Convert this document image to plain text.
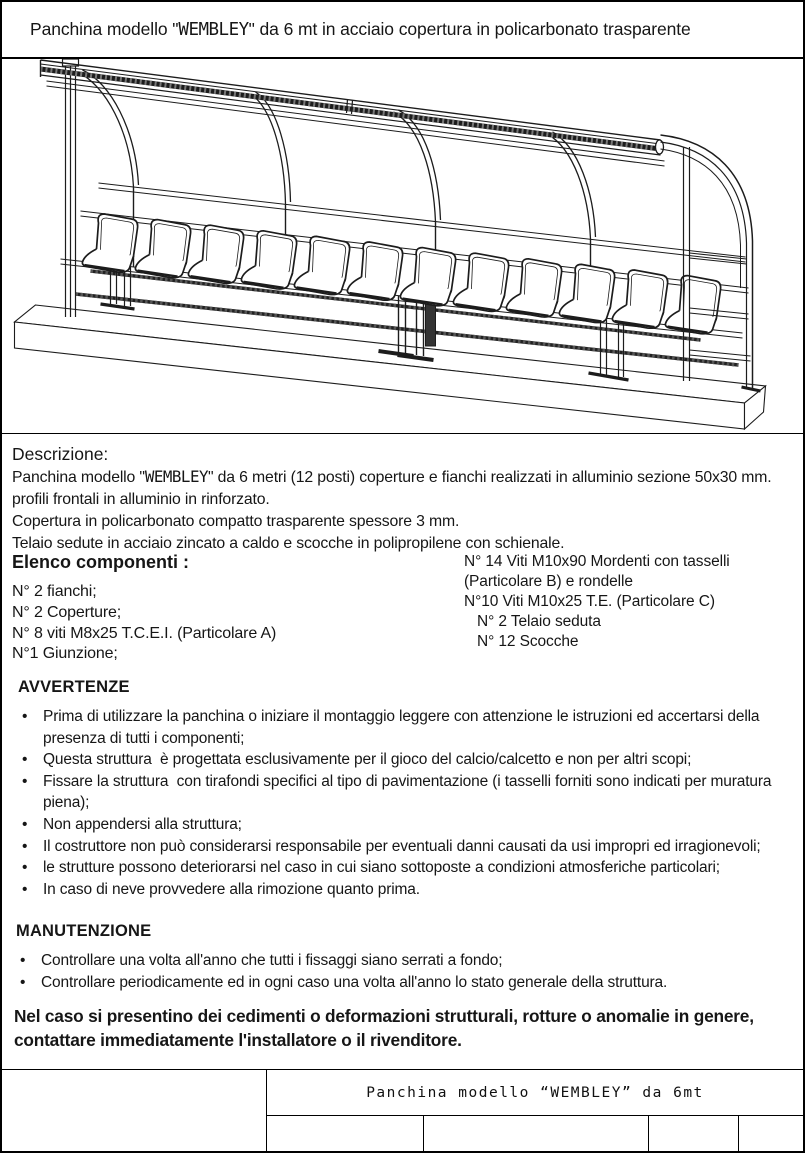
Panchina modello "WEMBLEY" da 6 mt in acciaio copertura in policarbonato trasparente
Descrizione:
Panchina modello "WEMBLEY" da 6 metri (12 posti) coperture e fianchi realizzati in alluminio sezione 50x30 mm.
profili frontali in alluminio in rinforzato.
Copertura in policarbonato compatto trasparente spessore 3 mm.
Telaio sedute in acciaio zincato a caldo e scocche in polipropilene con schienale.
Elenco componenti :
N° 2 fianchi;
N° 2 Coperture;
N° 8 viti M8x25 T.C.E.I. (Particolare A)
N°1 Giunzione;
N° 14 Viti M10x90 Mordenti con tasselli
(Particolare B) e rondelle
N°10 Viti M10x25 T.E. (Particolare C)
N° 2 Telaio seduta
N° 12 Scocche
AVVERTENZE
•	Prima di utilizzare la panchina o iniziare il montaggio leggere con attenzione le istruzioni ed accertarsi della presenza di tutti i componenti;
•	Questa struttura  è progettata esclusivamente per il gioco del calcio/calcetto e non per altri scopi;
•	Fissare la struttura  con tirafondi specifici al tipo di pavimentazione (i tasselli forniti sono indicati per muratura piena);
•	Non appendersi alla struttura;
•	Il costruttore non può considerarsi responsabile per eventuali danni causati da usi impropri ed irragionevoli;
•	le strutture possono deteriorarsi nel caso in cui siano sottoposte a condizioni atmosferiche particolari;
•	In caso di neve provvedere alla rimozione quanto prima.
MANUTENZIONE
•	Controllare una volta all'anno che tutti i fissaggi siano serrati a fondo;
•	Controllare periodicamente ed in ogni caso una volta all'anno lo stato generale della struttura.
Nel caso si presentino dei cedimenti o deformazioni strutturali, rotture o anomalie in genere, contattare immediatamente l'installatore o il rivenditore.
Panchina modello “WEMBLEY” da 6mt
